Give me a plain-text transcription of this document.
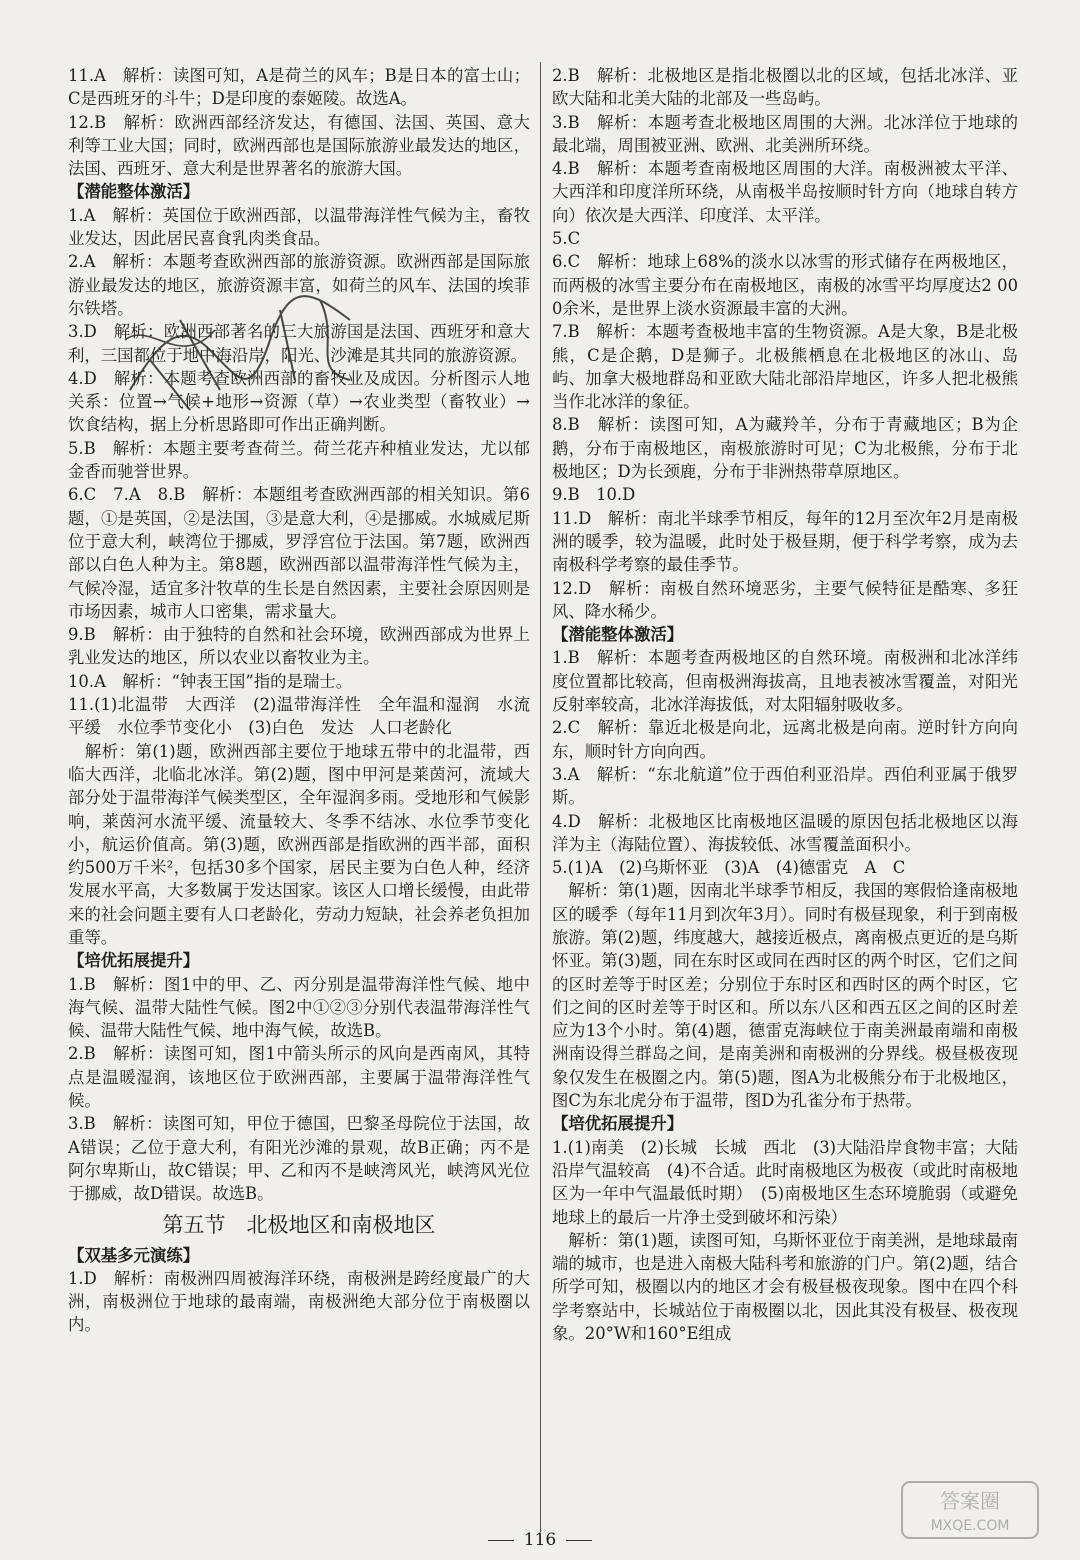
11.A　解析：读图可知，A是荷兰的风车；B是日本的富士山；C是西班牙的斗牛；D是印度的泰姬陵。故选A。
12.B　解析：欧洲西部经济发达，有德国、法国、英国、意大利等工业大国；同时，欧洲西部也是国际旅游业最发达的地区，法国、西班牙、意大利是世界著名的旅游大国。
【潜能整体激活】
1.A　解析：英国位于欧洲西部，以温带海洋性气候为主，畜牧业发达，因此居民喜食乳肉类食品。
2.A　解析：本题考查欧洲西部的旅游资源。欧洲西部是国际旅游业最发达的地区，旅游资源丰富，如荷兰的风车、法国的埃菲尔铁塔。
3.D　解析：欧洲西部著名的三大旅游国是法国、西班牙和意大利，三国都位于地中海沿岸，阳光、沙滩是其共同的旅游资源。
4.D　解析：本题考查欧洲西部的畜牧业及成因。分析图示人地关系：位置→气候+地形→资源（草）→农业类型（畜牧业）→饮食结构，据上分析思路即可作出正确判断。
5.B　解析：本题主要考查荷兰。荷兰花卉种植业发达，尤以郁金香而驰誉世界。
6.C　7.A　8.B　解析：本题组考查欧洲西部的相关知识。第6题，①是英国，②是法国，③是意大利，④是挪威。水城威尼斯位于意大利，峡湾位于挪威，罗浮宫位于法国。第7题，欧洲西部以白色人种为主。第8题，欧洲西部以温带海洋性气候为主，气候冷湿，适宜多汁牧草的生长是自然因素，主要社会原因则是市场因素，城市人口密集，需求量大。
9.B　解析：由于独特的自然和社会环境，欧洲西部成为世界上乳业发达的地区，所以农业以畜牧业为主。
10.A　解析：“钟表王国”指的是瑞士。
11.(1)北温带　大西洋　(2)温带海洋性　全年温和湿润　水流平缓　水位季节变化小　(3)白色　发达　人口老龄化
　解析：第(1)题，欧洲西部主要位于地球五带中的北温带，西临大西洋，北临北冰洋。第(2)题，图中甲河是莱茵河，流域大部分处于温带海洋气候类型区，全年湿润多雨。受地形和气候影响，莱茵河水流平缓、流量较大、冬季不结冰、水位季节变化小，航运价值高。第(3)题，欧洲西部是指欧洲的西半部，面积约500万千米²，包括30多个国家，居民主要为白色人种，经济发展水平高，大多数属于发达国家。该区人口增长缓慢，由此带来的社会问题主要有人口老龄化，劳动力短缺，社会养老负担加重等。
【培优拓展提升】
1.B　解析：图1中的甲、乙、丙分别是温带海洋性气候、地中海气候、温带大陆性气候。图2中①②③分别代表温带海洋性气候、温带大陆性气候、地中海气候，故选B。
2.B　解析：读图可知，图1中箭头所示的风向是西南风，其特点是温暖湿润，该地区位于欧洲西部，主要属于温带海洋性气候。
3.B　解析：读图可知，甲位于德国，巴黎圣母院位于法国，故A错误；乙位于意大利，有阳光沙滩的景观，故B正确；丙不是阿尔卑斯山，故C错误；甲、乙和丙不是峡湾风光，峡湾风光位于挪威，故D错误。故选B。
第五节　北极地区和南极地区
【双基多元演练】
1.D　解析：南极洲四周被海洋环绕，南极洲是跨经度最广的大洲，南极洲位于地球的最南端，南极洲绝大部分位于南极圈以内。
2.B　解析：北极地区是指北极圈以北的区域，包括北冰洋、亚欧大陆和北美大陆的北部及一些岛屿。
3.B　解析：本题考查北极地区周围的大洲。北冰洋位于地球的最北端，周围被亚洲、欧洲、北美洲所环绕。
4.B　解析：本题考查南极地区周围的大洋。南极洲被太平洋、大西洋和印度洋所环绕，从南极半岛按顺时针方向（地球自转方向）依次是大西洋、印度洋、太平洋。
5.C
6.C　解析：地球上68%的淡水以冰雪的形式储存在两极地区，而两极的冰雪主要分布在南极地区，南极的冰雪平均厚度达2 000余米，是世界上淡水资源最丰富的大洲。
7.B　解析：本题考查极地丰富的生物资源。A是大象，B是北极熊，C是企鹅，D是狮子。北极熊栖息在北极地区的冰山、岛屿、加拿大极地群岛和亚欧大陆北部沿岸地区，许多人把北极熊当作北冰洋的象征。
8.B　解析：读图可知，A为藏羚羊，分布于青藏地区；B为企鹅，分布于南极地区，南极旅游时可见；C为北极熊，分布于北极地区；D为长颈鹿，分布于非洲热带草原地区。
9.B　10.D
11.D　解析：南北半球季节相反，每年的12月至次年2月是南极洲的暖季，较为温暖，此时处于极昼期，便于科学考察，成为去南极科学考察的最佳季节。
12.D　解析：南极自然环境恶劣，主要气候特征是酷寒、多狂风、降水稀少。
【潜能整体激活】
1.B　解析：本题考查两极地区的自然环境。南极洲和北冰洋纬度位置都比较高，但南极洲海拔高，且地表被冰雪覆盖，对阳光反射率较高，北冰洋海拔低，对太阳辐射吸收多。
2.C　解析：靠近北极是向北，远离北极是向南。逆时针方向向东，顺时针方向向西。
3.A　解析：“东北航道”位于西伯利亚沿岸。西伯利亚属于俄罗斯。
4.D　解析：北极地区比南极地区温暖的原因包括北极地区以海洋为主（海陆位置）、海拔较低、冰雪覆盖面积小。
5.(1)A　(2)乌斯怀亚　(3)A　(4)德雷克　A　C
　解析：第(1)题，因南北半球季节相反，我国的寒假恰逢南极地区的暖季（每年11月到次年3月）。同时有极昼现象，利于到南极旅游。第(2)题，纬度越大，越接近极点，离南极点更近的是乌斯怀亚。第(3)题，同在东时区或同在西时区的两个时区，它们之间的区时差等于时区差；分别位于东时区和西时区的两个时区，它们之间的区时差等于时区和。所以东八区和西五区之间的区时差应为13个小时。第(4)题，德雷克海峡位于南美洲最南端和南极洲南设得兰群岛之间，是南美洲和南极洲的分界线。极昼极夜现象仅发生在极圈之内。第(5)题，图A为北极熊分布于北极地区，图C为东北虎分布于温带，图D为孔雀分布于热带。
【培优拓展提升】
1.(1)南美　(2)长城　长城　西北　(3)大陆沿岸食物丰富；大陆沿岸气温较高　(4)不合适。此时南极地区为极夜（或此时南极地区为一年中气温最低时期）　(5)南极地区生态环境脆弱（或避免地球上的最后一片净土受到破坏和污染）
　解析：第(1)题，读图可知，乌斯怀亚位于南美洲，是地球最南端的城市，也是进入南极大陆科考和旅游的门户。第(2)题，结合所学可知，极圈以内的地区才会有极昼极夜现象。图中在四个科学考察站中，长城站位于南极圈以北，因此其没有极昼、极夜现象。20°W和160°E组成
116
答案圈
MXQE.COM
